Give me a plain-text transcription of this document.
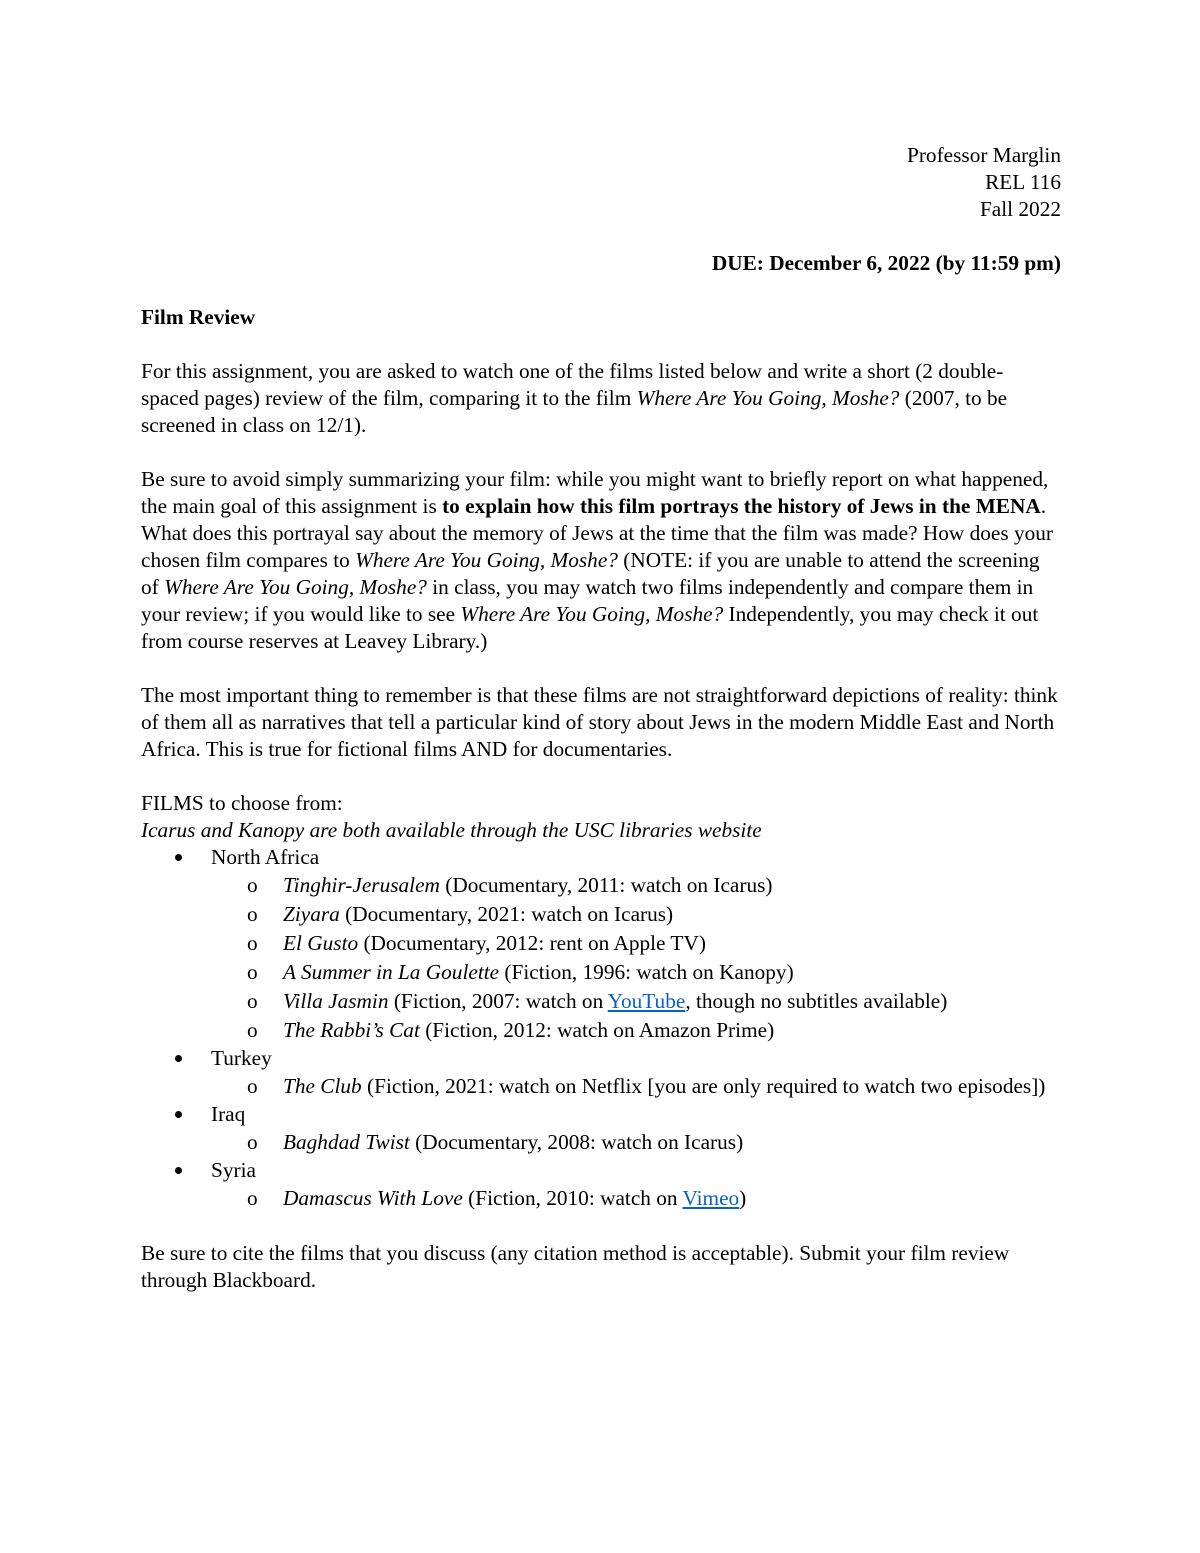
Professor Marglin
REL 116
Fall 2022
DUE: December 6, 2022 (by 11:59 pm)
Film Review

For this assignment, you are asked to watch one of the films listed below and write a short (2 double-spaced pages) review of the film, comparing it to the film Where Are You Going, Moshe? (2007, to be screened in class on 12/1).

Be sure to avoid simply summarizing your film: while you might want to briefly report on what happened, the main goal of this assignment is to explain how this film portrays the history of Jews in the MENA. What does this portrayal say about the memory of Jews at the time that the film was made? How does your chosen film compares to Where Are You Going, Moshe? (NOTE: if you are unable to attend the screening of Where Are You Going, Moshe? in class, you may watch two films independently and compare them in your review; if you would like to see Where Are You Going, Moshe? Independently, you may check it out from course reserves at Leavey Library.)

The most important thing to remember is that these films are not straightforward depictions of reality: think of them all as narratives that tell a particular kind of story about Jews in the modern Middle East and North Africa. This is true for fictional films AND for documentaries.

FILMS to choose from:
Icarus and Kanopy are both available through the USC libraries website
North Africa
o Tinghir-Jerusalem (Documentary, 2011: watch on Icarus)
o Ziyara (Documentary, 2021: watch on Icarus)
o El Gusto (Documentary, 2012: rent on Apple TV)
o A Summer in La Goulette (Fiction, 1996: watch on Kanopy)
o Villa Jasmin (Fiction, 2007: watch on YouTube, though no subtitles available)
o The Rabbi’s Cat (Fiction, 2012: watch on Amazon Prime)
Turkey
o The Club (Fiction, 2021: watch on Netflix [you are only required to watch two episodes])
Iraq
o Baghdad Twist (Documentary, 2008: watch on Icarus)
Syria
o Damascus With Love (Fiction, 2010: watch on Vimeo)

Be sure to cite the films that you discuss (any citation method is acceptable). Submit your film review through Blackboard.
